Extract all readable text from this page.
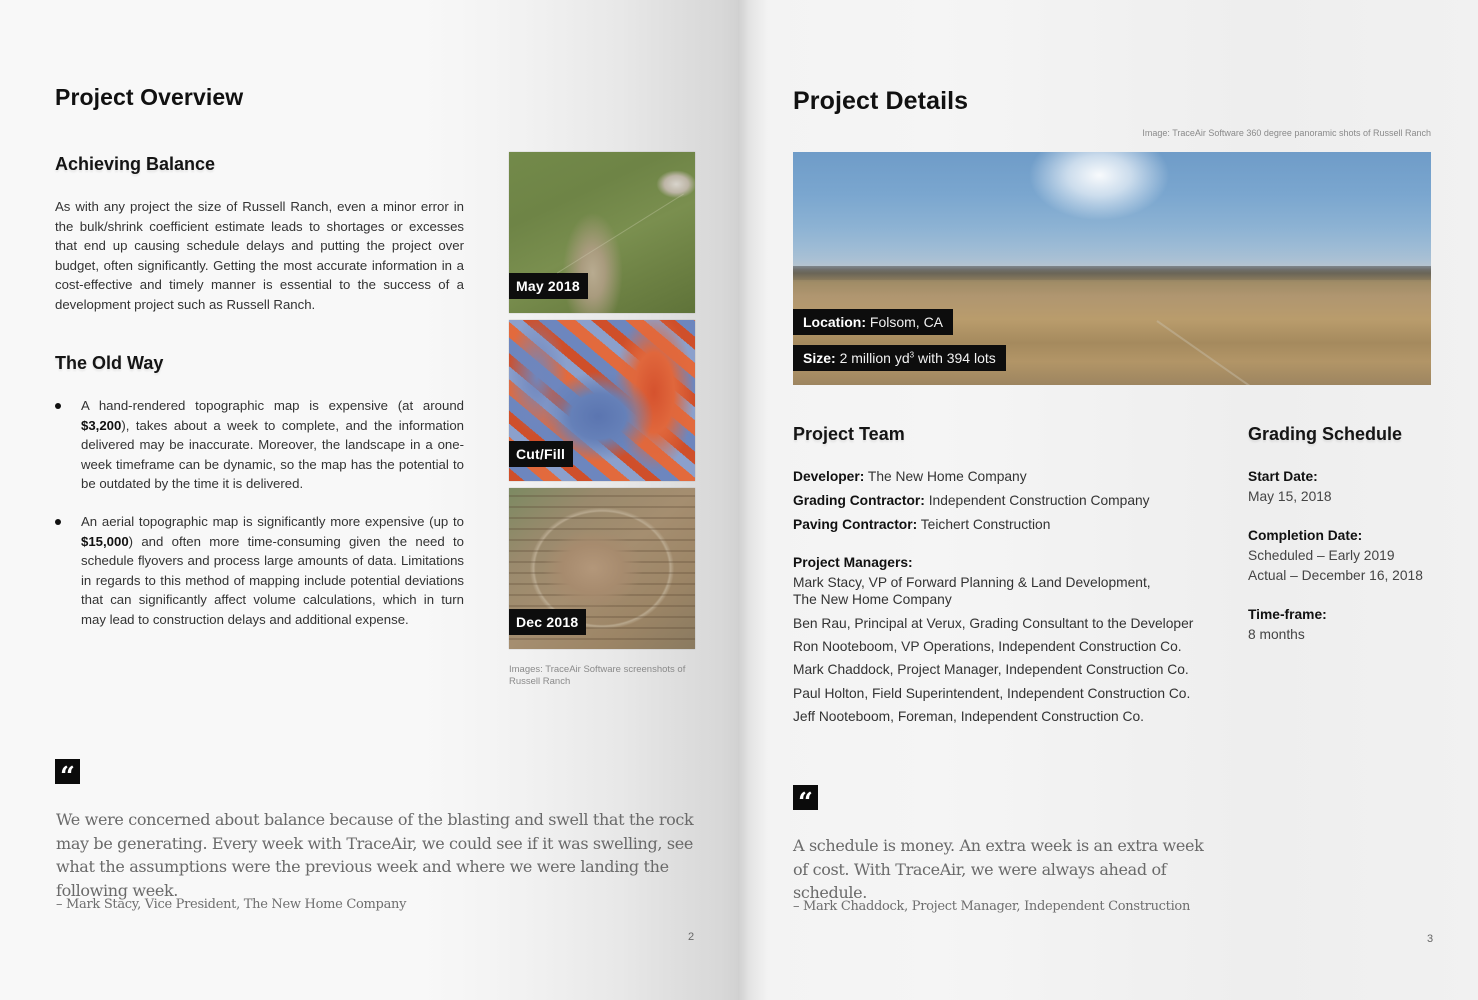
Project Overview
Achieving Balance

As with any project the size of Russell Ranch, even a minor error in the bulk/shrink coefficient estimate leads to shortages or excesses that end up causing schedule delays and putting the project over budget, often significantly. Getting the most accurate information in a cost-effective and timely manner is essential to the success of a development project such as Russell Ranch.

The Old Way
A hand-rendered topographic map is expensive (at around $3,200), takes about a week to complete, and the information delivered may be inaccurate. Moreover, the landscape in a one-week timeframe can be dynamic, so the map has the potential to be outdated by the time it is delivered.
An aerial topographic map is significantly more expensive (up to $15,000) and often more time-consuming given the need to schedule flyovers and process large amounts of data. Limitations in regards to this method of mapping include potential deviations that can significantly affect volume calculations, which in turn may lead to construction delays and additional expense.
May 2018
Cut/Fill
Dec 2018

Images: TraceAir Software screenshots of Russell Ranch

“

We were concerned about balance because of the blasting and swell that the rock may be generating. Every week with TraceAir, we could see if it was swelling, see what the assumptions were the previous week and where we were landing the following week.

– Mark Stacy, Vice President, The New Home Company

2
Project Details

Image: TraceAir Software 360 degree panoramic shots of Russell Ranch

Location: Folsom, CA
Size: 2 million $yd^3$ with 394 lots
Project Team
Developer: The New Home Company
Grading Contractor: Independent Construction Company
Paving Contractor: Teichert Construction
Project Managers:
Mark Stacy, VP of Forward Planning & Land Development,
The New Home Company
Ben Rau, Principal at Verux, Grading Consultant to the Developer
Ron Nooteboom, VP Operations, Independent Construction Co.
Mark Chaddock, Project Manager, Independent Construction Co.
Paul Holton, Field Superintendent, Independent Construction Co.
Jeff Nooteboom, Foreman, Independent Construction Co.
Grading Schedule
Start Date:
May 15, 2018
Completion Date:
Scheduled – Early 2019
Actual – December 16, 2018
Time-frame:
8 months
“

A schedule is money. An extra week is an extra week of cost. With TraceAir, we were always ahead of schedule.

– Mark Chaddock, Project Manager, Independent Construction

3
